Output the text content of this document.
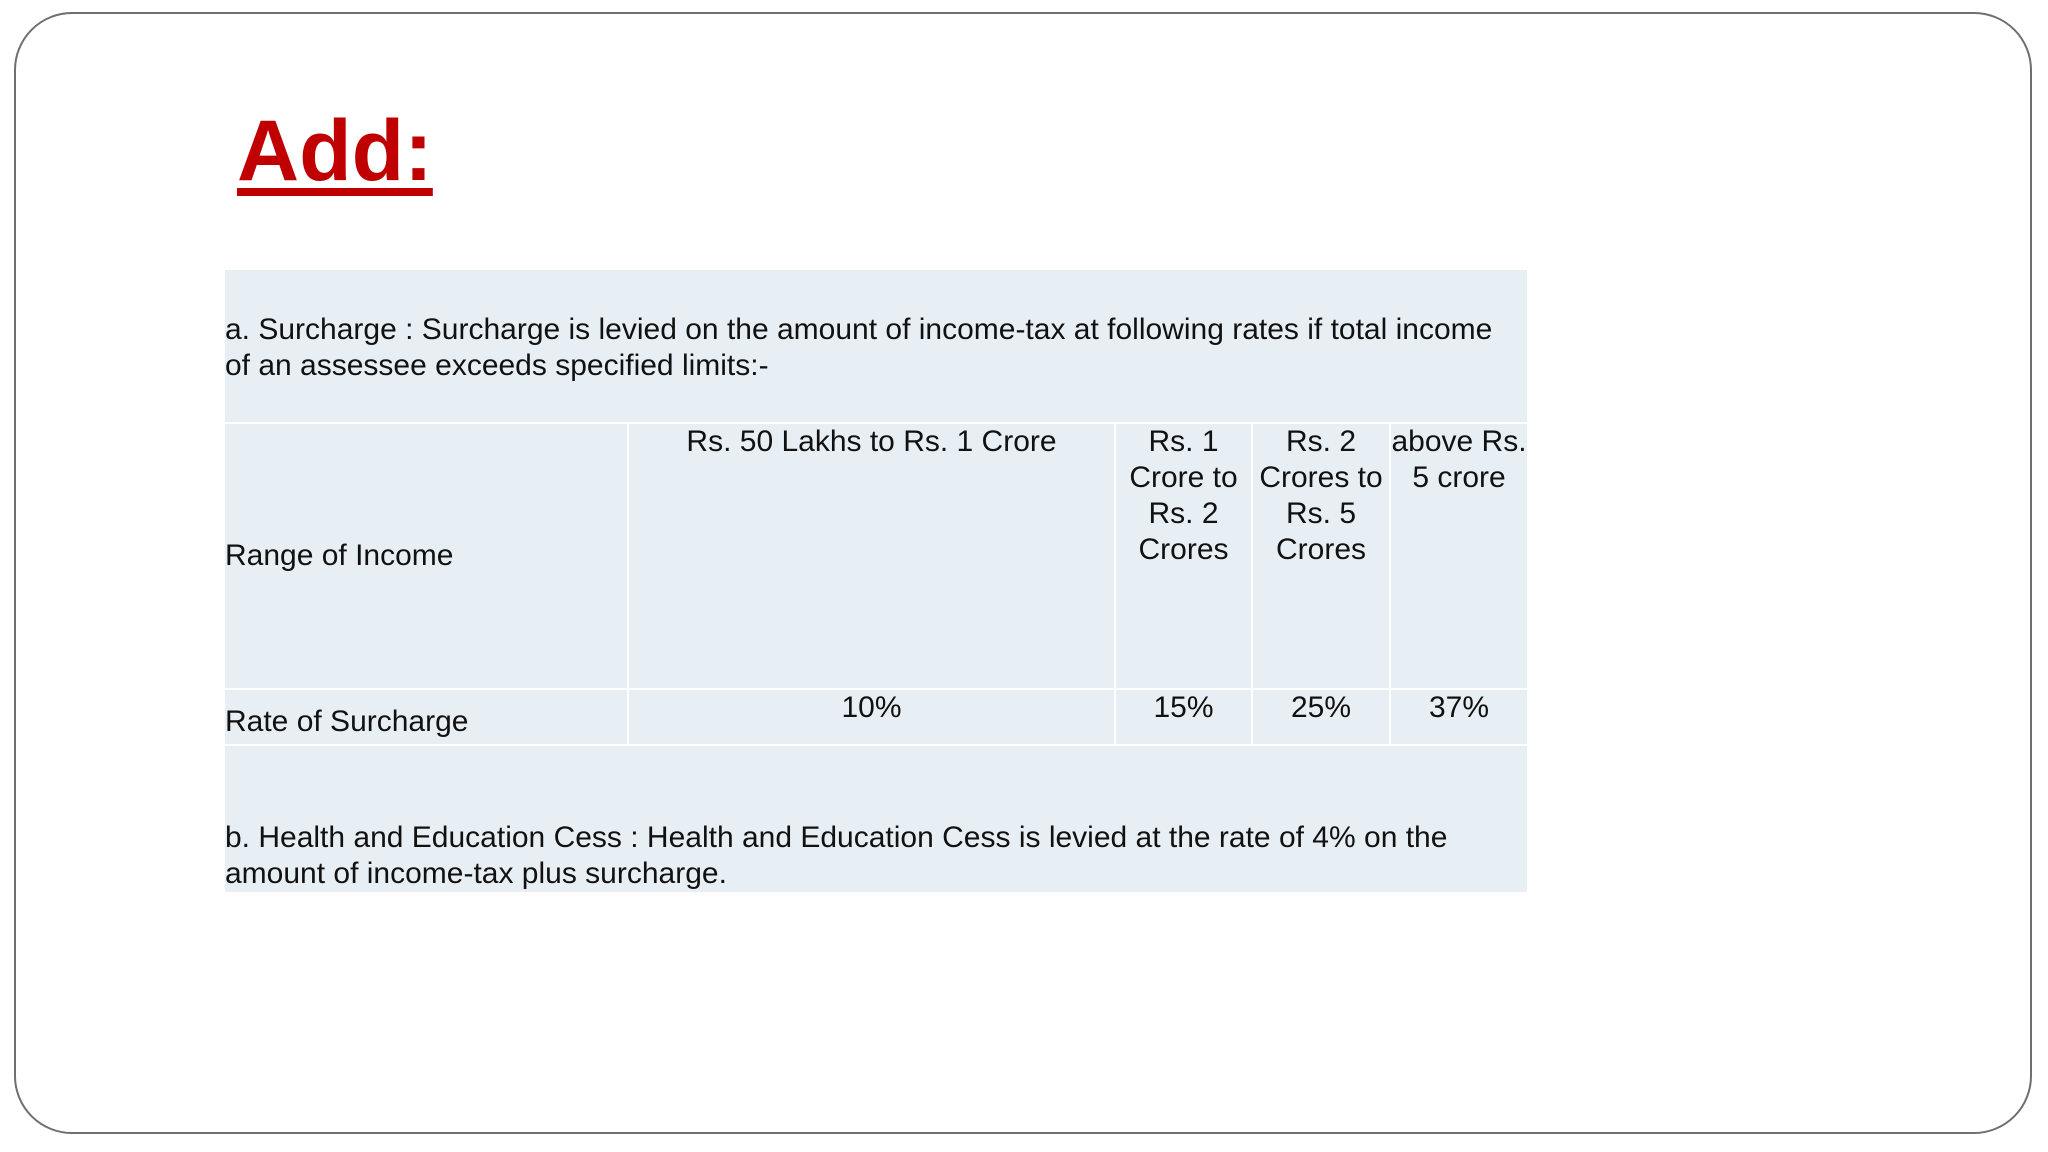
Add:

a. Surcharge : Surcharge is levied on the amount of income-tax at following rates if total income of an assessee exceeds specified limits:-

Range of Income	Rs. 50 Lakhs to Rs. 1 Crore	Rs. 1 Crore to Rs. 2 Crores	Rs. 2 Crores to Rs. 5 Crores	above Rs. 5 crore
Rate of Surcharge	10%	15%	25%	37%

b. Health and Education Cess : Health and Education Cess is levied at the rate of 4% on the amount of income-tax plus surcharge.
